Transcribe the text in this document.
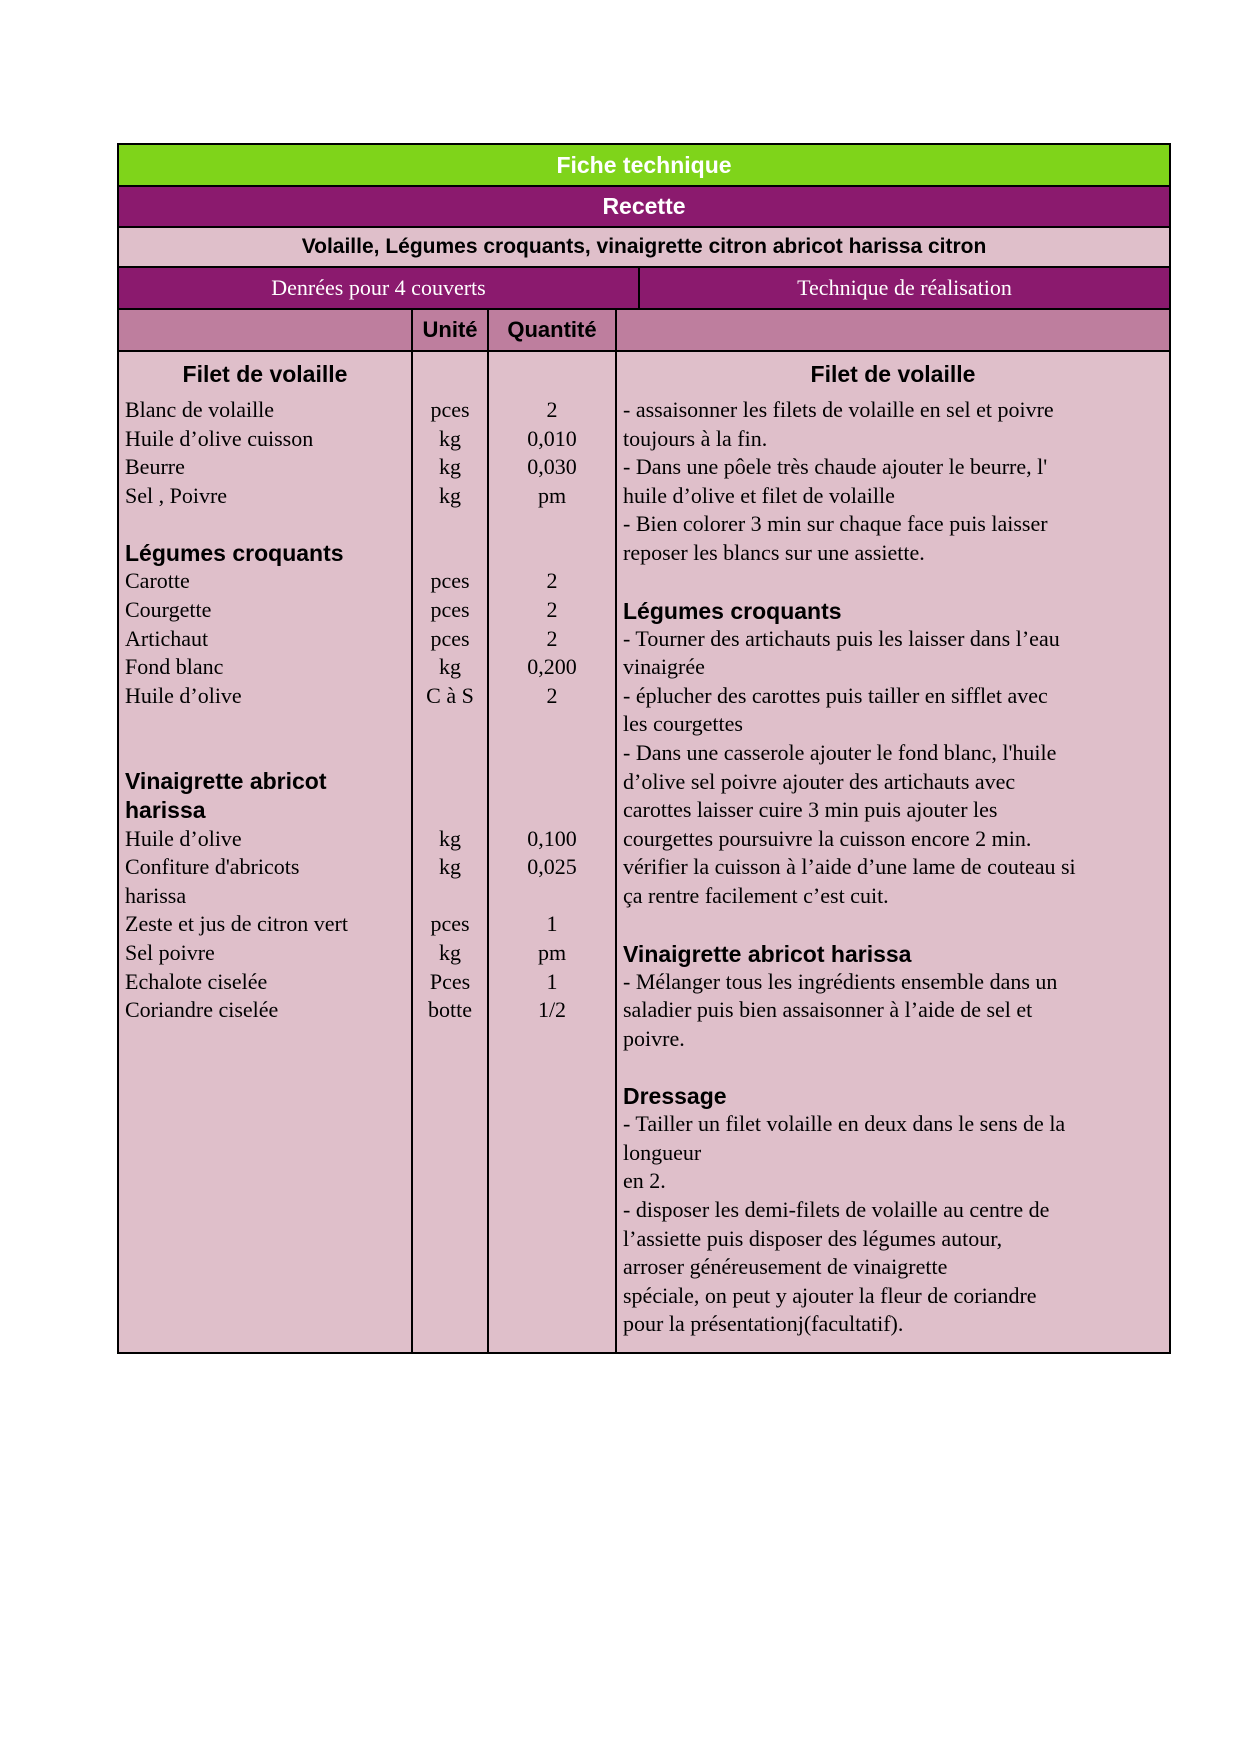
Fiche technique
Recette
Volaille, Légumes croquants, vinaigrette citron abricot harissa citron
Denrées pour 4 couverts	Technique de réalisation
Unité	Quantité
Filet de volaille
Blanc de volaille
Huile d’olive cuisson
Beurre
Sel , Poivre
Légumes croquants
Carotte
Courgette
Artichaut
Fond blanc
Huile d’olive
Vinaigrette abricot
harissa
Huile d’olive
Confiture d'abricots
harissa
Zeste et jus de citron vert
Sel poivre
Echalote ciselée
Coriandre ciselée
pces
kg
kg
kg
pces
pces
pces
kg
C à S
kg
kg
pces
kg
Pces
botte
2
0,010
0,030
pm
2
2
2
0,200
2
0,100
0,025
1
pm
1
1/2
Filet de volaille
- assaisonner les filets de volaille en sel et poivre
toujours à la fin.
- Dans une pôele très chaude ajouter le beurre, l'
huile d’olive et filet de volaille
- Bien colorer 3 min sur chaque face puis laisser
reposer les blancs sur une assiette.
Légumes croquants
- Tourner des artichauts puis les laisser dans l’eau
vinaigrée
- éplucher des carottes puis tailler en sifflet avec
les courgettes
- Dans une casserole ajouter le fond blanc, l'huile
d’olive sel poivre ajouter des artichauts avec
carottes laisser cuire 3 min puis ajouter les
courgettes poursuivre la cuisson encore 2 min.
vérifier la cuisson à l’aide d’une lame de couteau si
ça rentre facilement c’est cuit.
Vinaigrette abricot harissa
- Mélanger tous les ingrédients ensemble dans un
saladier puis bien assaisonner à l’aide de sel et
poivre.
Dressage
- Tailler un filet volaille en deux dans le sens de la
longueur
en 2.
- disposer les demi-filets de volaille au centre de
l’assiette puis disposer des légumes autour,
arroser généreusement de vinaigrette
spéciale, on peut y ajouter la fleur de coriandre
pour la présentationj(facultatif).
